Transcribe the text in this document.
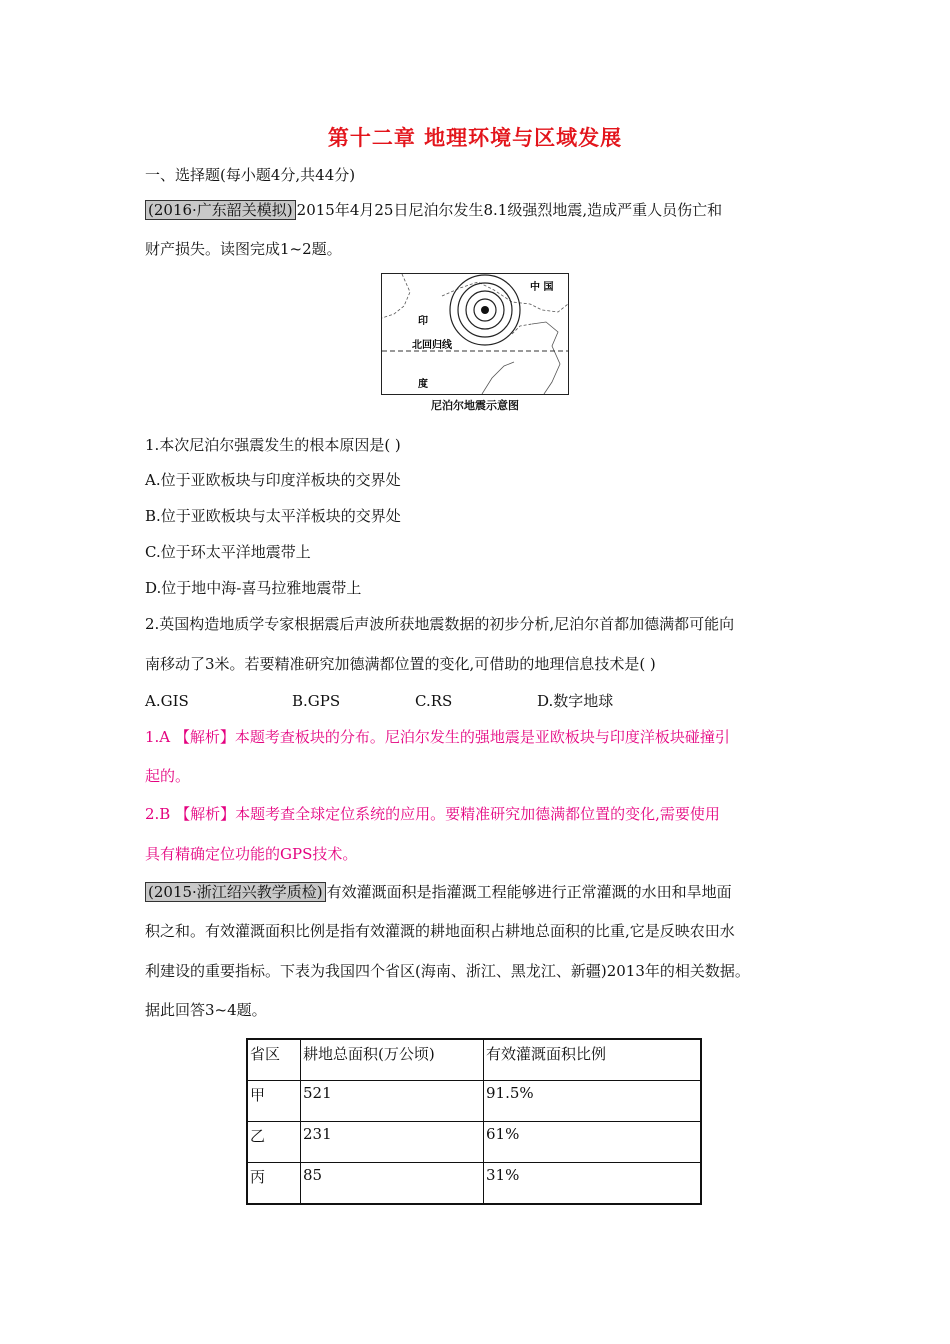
第十二章 地理环境与区域发展
一、选择题(每小题4分,共44分)
(2016·广东韶关模拟) 2015年4月25日尼泊尔发生8.1级强烈地震,造成严重人员伤亡和
财产损失。读图完成1~2题。
中 国
印
度
北回归线
尼泊尔地震示意图
1.本次尼泊尔强震发生的根本原因是( )
A.位于亚欧板块与印度洋板块的交界处
B.位于亚欧板块与太平洋板块的交界处
C.位于环太平洋地震带上
D.位于地中海-喜马拉雅地震带上
2.英国构造地质学专家根据震后声波所获地震数据的初步分析,尼泊尔首都加德满都可能向
南移动了3米。若要精准研究加德满都位置的变化,可借助的地理信息技术是( )
A.GIS	B.GPS	C.RS	D.数字地球
1.A 【解析】本题考查板块的分布。尼泊尔发生的强地震是亚欧板块与印度洋板块碰撞引
起的。
2.B 【解析】本题考查全球定位系统的应用。要精准研究加德满都位置的变化,需要使用
具有精确定位功能的GPS技术。
(2015·浙江绍兴教学质检) 有效灌溉面积是指灌溉工程能够进行正常灌溉的水田和旱地面
积之和。有效灌溉面积比例是指有效灌溉的耕地面积占耕地总面积的比重,它是反映农田水
利建设的重要指标。下表为我国四个省区(海南、浙江、黑龙江、新疆)2013年的相关数据。
据此回答3~4题。
省区	耕地总面积(万公顷)	有效灌溉面积比例
甲	521	91.5%
乙	231	61%
丙	85	31%
